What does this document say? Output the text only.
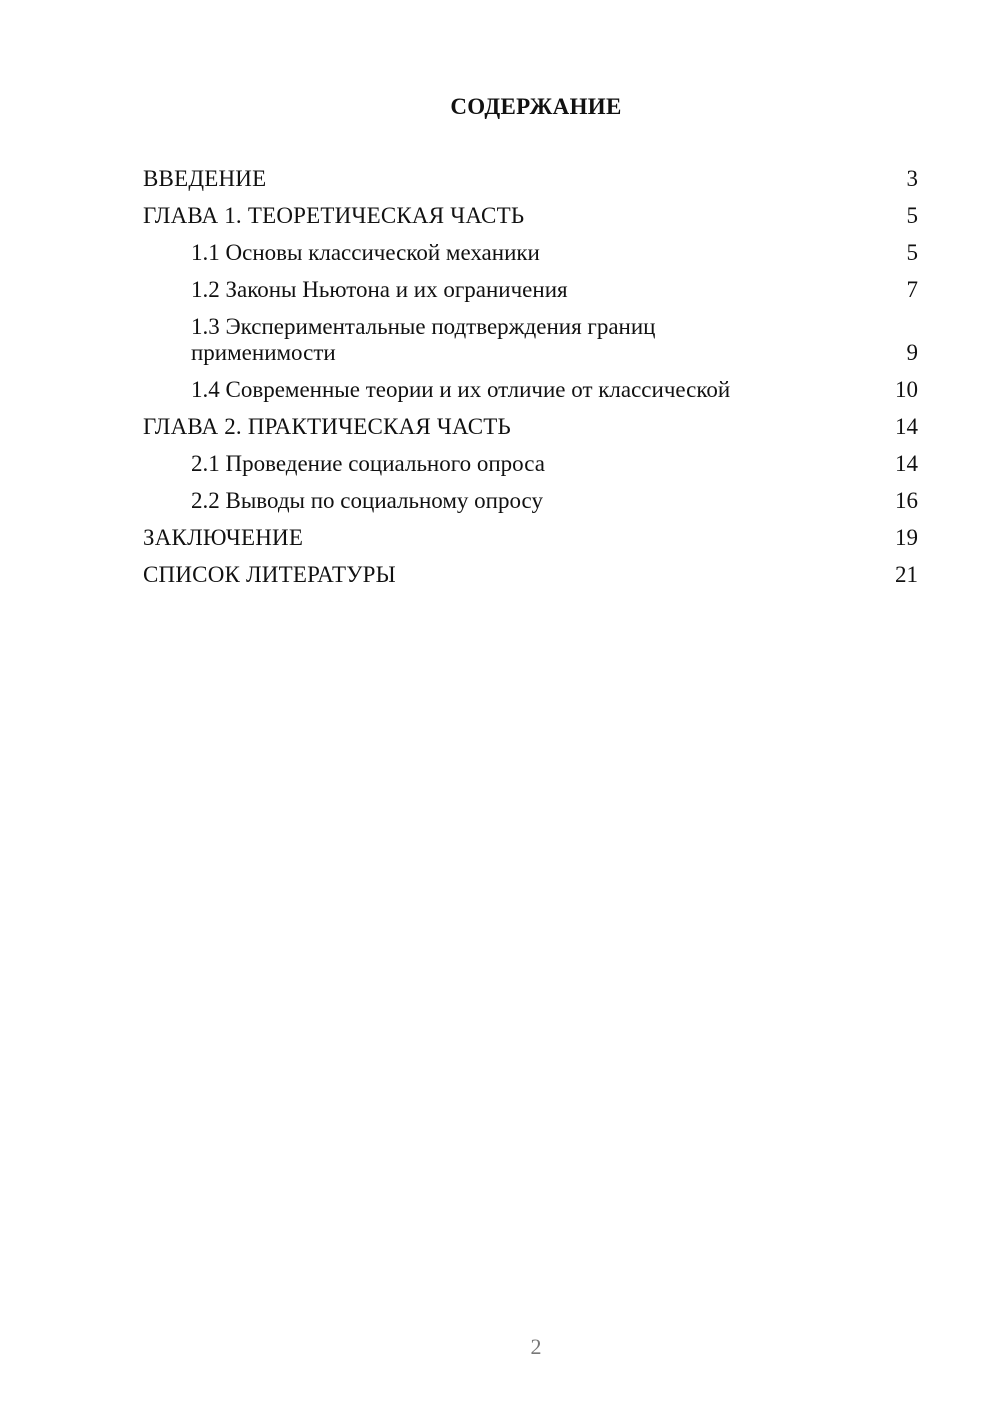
СОДЕРЖАНИЕ
ВВЕДЕНИЕ	3
ГЛАВА 1. ТЕОРЕТИЧЕСКАЯ ЧАСТЬ	5
1.1 Основы классической механики	5
1.2 Законы Ньютона и их ограничения	7
1.3 Экспериментальные подтверждения границ применимости	9
1.4 Современные теории и их отличие от классической	10
ГЛАВА 2. ПРАКТИЧЕСКАЯ ЧАСТЬ	14
2.1 Проведение социального опроса	14
2.2 Выводы по социальному опросу	16
ЗАКЛЮЧЕНИЕ	19
СПИСОК ЛИТЕРАТУРЫ	21
2
